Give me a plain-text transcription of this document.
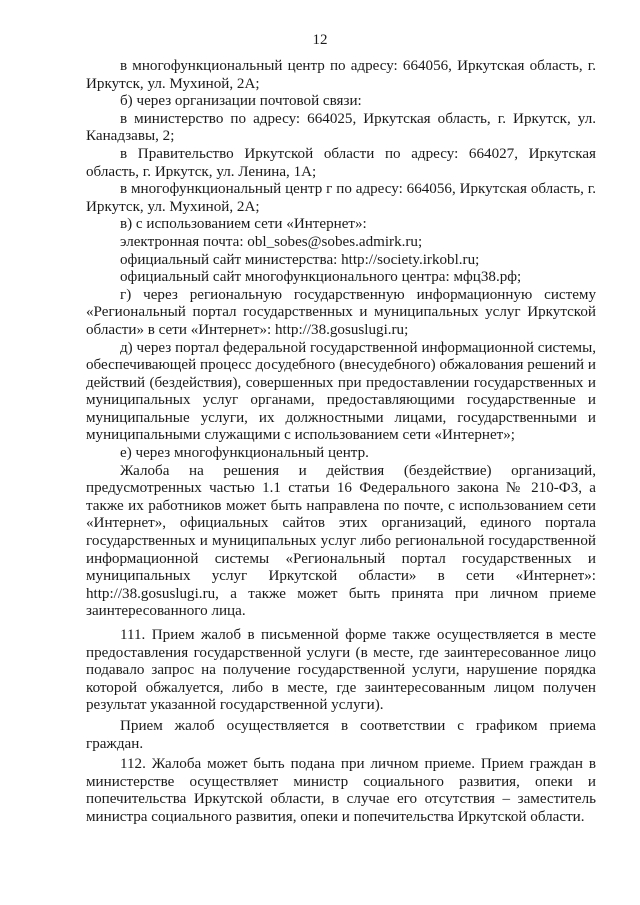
12

в многофункциональный центр по адресу: 664056, Иркутская область, г. Иркутск, ул. Мухиной, 2А;

б) через организации почтовой связи:

в министерство по адресу: 664025, Иркутская область, г. Иркутск, ул. Канадзавы, 2;

в Правительство Иркутской области по адресу: 664027, Иркутская область, г. Иркутск, ул. Ленина, 1А;

в многофункциональный центр г по адресу: 664056, Иркутская область, г. Иркутск, ул. Мухиной, 2А;

в) с использованием сети «Интернет»:

электронная почта: obl_sobes@sobes.admirk.ru;

официальный сайт министерства: http://society.irkobl.ru;

официальный сайт многофункционального центра: мфц38.рф;

г) через региональную государственную информационную систему «Региональный портал государственных и муниципальных услуг Иркутской области» в сети «Интернет»: http://38.gosuslugi.ru;

д) через портал федеральной государственной информационной системы, обеспечивающей процесс досудебного (внесудебного) обжалования решений и действий (бездействия), совершенных при предоставлении государственных и муниципальных услуг органами, предоставляющими государственные и муниципальные услуги, их должностными лицами, государственными и муниципальными служащими с использованием сети «Интернет»;

е) через многофункциональный центр.

Жалоба на решения и действия (бездействие) организаций, предусмотренных частью 1.1 статьи 16 Федерального закона № 210-ФЗ, а также их работников может быть направлена по почте, с использованием сети «Интернет», официальных сайтов этих организаций, единого портала государственных и муниципальных услуг либо региональной государственной информационной системы «Региональный портал государственных и муниципальных услуг Иркутской области» в сети «Интернет»: http://38.gosuslugi.ru, а также может быть принята при личном приеме заинтересованного лица.

111. Прием жалоб в письменной форме также осуществляется в месте предоставления государственной услуги (в месте, где заинтересованное лицо подавало запрос на получение государственной услуги, нарушение порядка которой обжалуется, либо в месте, где заинтересованным лицом получен результат указанной государственной услуги).

Прием жалоб осуществляется в соответствии с графиком приема граждан.

112. Жалоба может быть подана при личном приеме. Прием граждан в министерстве осуществляет министр социального развития, опеки и попечительства Иркутской области, в случае его отсутствия – заместитель министра социального развития, опеки и попечительства Иркутской области.
